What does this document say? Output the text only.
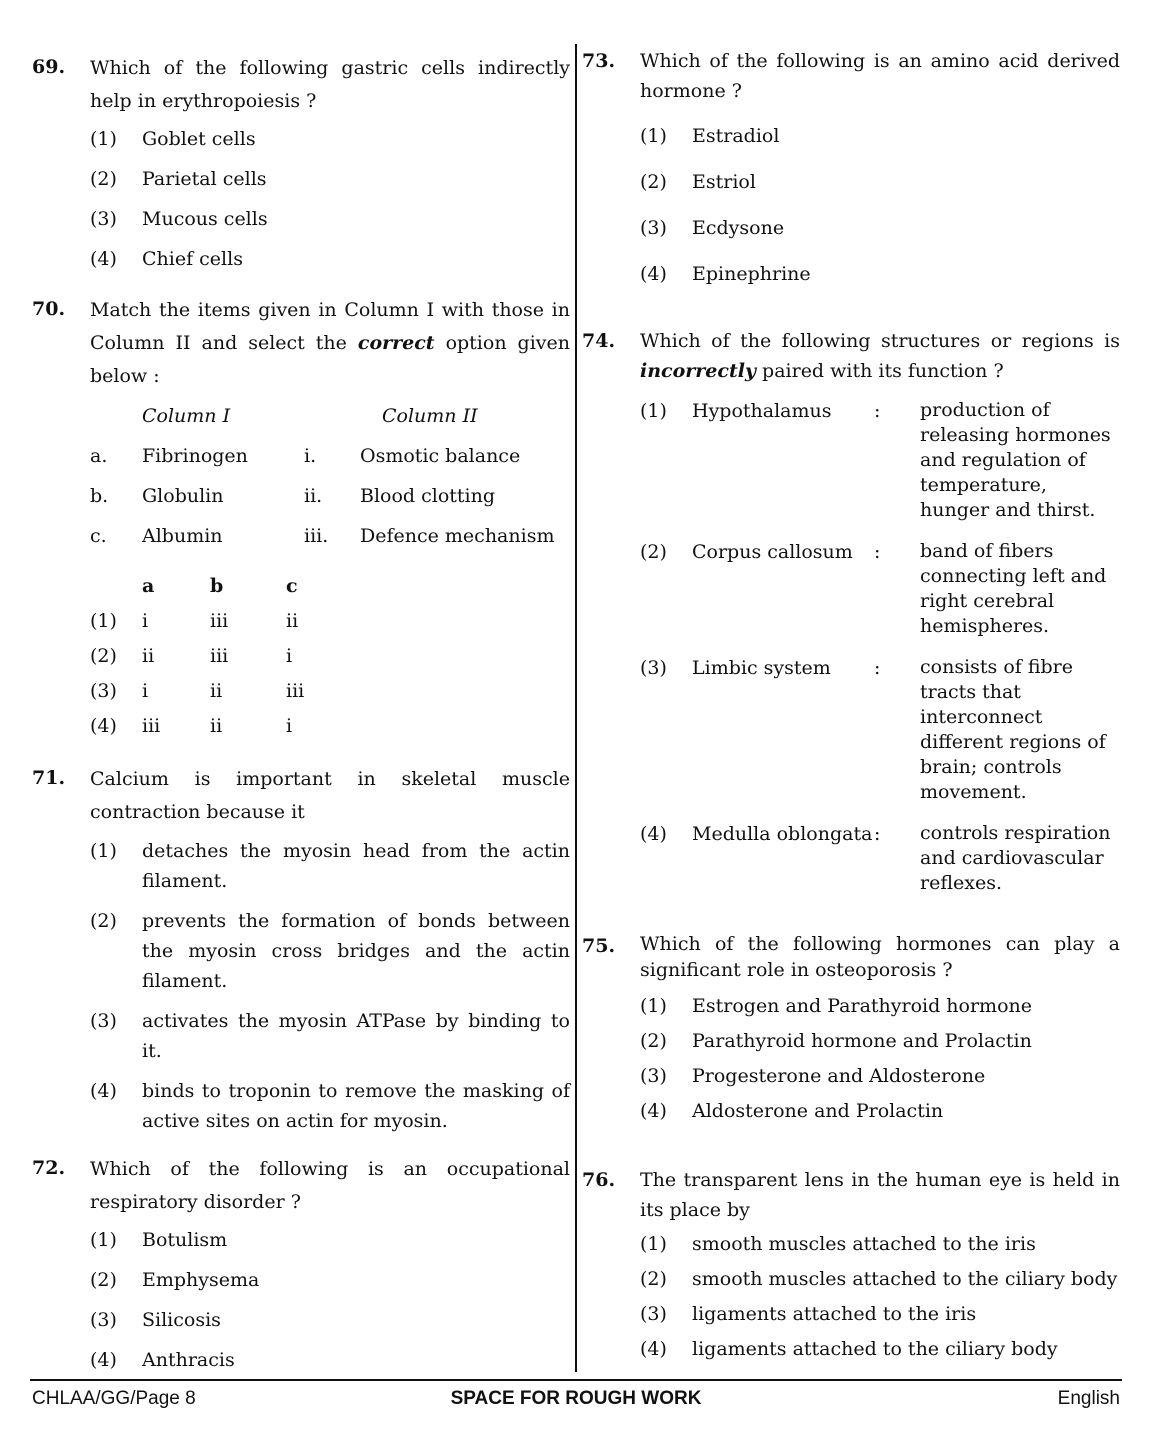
69. Which of the following gastric cells indirectly help in erythropoiesis ?
(1) Goblet cells
(2) Parietal cells
(3) Mucous cells
(4) Chief cells
70. Match the items given in Column I with those in Column II and select the correct option given below :
Column I	Column II
a. Fibrinogen	i. Osmotic balance
b. Globulin	ii. Blood clotting
c. Albumin	iii. Defence mechanism
a	b	c
(1) i	iii	ii
(2) ii	iii	i
(3) i	ii	iii
(4) iii	ii	i
71. Calcium is important in skeletal muscle contraction because it
(1) detaches the myosin head from the actin filament.
(2) prevents the formation of bonds between the myosin cross bridges and the actin filament.
(3) activates the myosin ATPase by binding to it.
(4) binds to troponin to remove the masking of active sites on actin for myosin.
72. Which of the following is an occupational respiratory disorder ?
(1) Botulism
(2) Emphysema
(3) Silicosis
(4) Anthracis
73. Which of the following is an amino acid derived hormone ?
(1) Estradiol
(2) Estriol
(3) Ecdysone
(4) Epinephrine
74. Which of the following structures or regions is incorrectly paired with its function ?
(1)	Hypothalamus	:	production of releasing hormones and regulation of temperature, hunger and thirst.
(2)	Corpus callosum	:	band of fibers connecting left and right cerebral hemispheres.
(3)	Limbic system	:	consists of fibre tracts that interconnect different regions of brain; controls movement.
(4)	Medulla oblongata :	controls respiration and cardiovascular reflexes.
75. Which of the following hormones can play a significant role in osteoporosis ?
(1) Estrogen and Parathyroid hormone
(2) Parathyroid hormone and Prolactin
(3) Progesterone and Aldosterone
(4) Aldosterone and Prolactin
76. The transparent lens in the human eye is held in its place by
(1) smooth muscles attached to the iris
(2) smooth muscles attached to the ciliary body
(3) ligaments attached to the iris
(4) ligaments attached to the ciliary body
CHLAA/GG/Page 8	SPACE FOR ROUGH WORK	English
